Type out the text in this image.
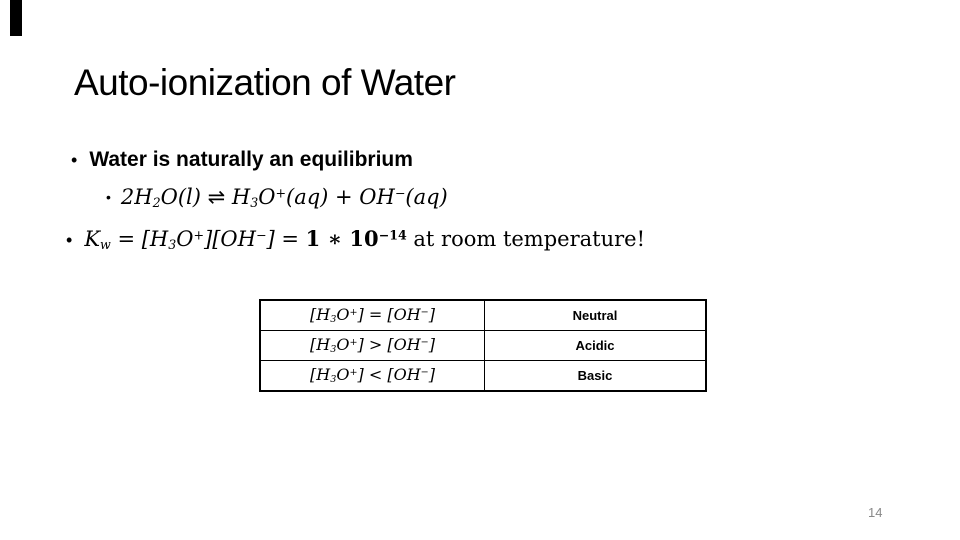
Auto-ionization of Water
• Water is naturally an equilibrium
• 2H2O(l) ⇌ H3O+(aq) + OH−(aq)
• Kw = [H3O+][OH−] = 1 ∗ $10^{-14}$ at room temperature!
[H3O+] = [OH−]	Neutral
[H3O+] > [OH−]	Acidic
[H3O+] < [OH−]	Basic
14
